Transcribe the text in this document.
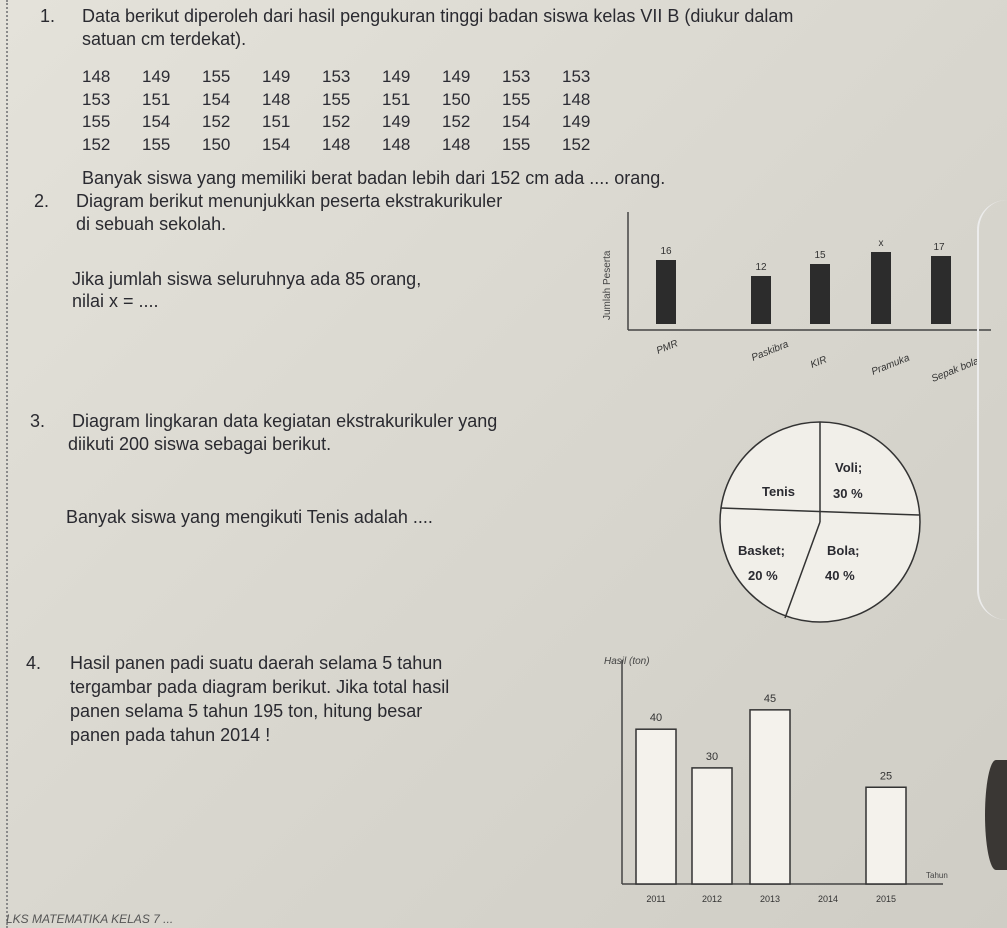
1. Data berikut diperoleh dari hasil pengukuran tinggi badan siswa kelas VII B (diukur dalam
satuan cm terdekat).
148	149	155	149	153	149	149	153	153
153	151	154	148	155	151	150	155	148
155	154	152	151	152	149	152	154	149
152	155	150	154	148	148	148	155	152
Banyak siswa yang memiliki berat badan lebih dari 152 cm ada .... orang.
2. Diagram berikut menunjukkan peserta ekstrakurikuler
di sebuah sekolah.
Jika jumlah siswa seluruhnya ada 85 orang,
nilai x = ....	Jumlah Peserta	16
PMR
12
Paskibra
15
KIR
x
Pramuka
17
Sepak bola
3. Diagram lingkaran data kegiatan ekstrakurikuler yang
diikuti 200 siswa sebagai berikut.
Banyak siswa yang mengikuti Tenis adalah ....
Tenis
Voli;
30 %
Basket;
20 %
Bola;
40 %
4. Hasil panen padi suatu daerah selama 5 tahun
tergambar pada diagram berikut. Jika total hasil
panen selama 5 tahun 195 ton, hitung besar
panen pada tahun 2014 !
Hasil (ton)
Tahun
40
2011
30
2012
45
2013	2014
25
2015
LKS MATEMATIKA KELAS 7 ...
